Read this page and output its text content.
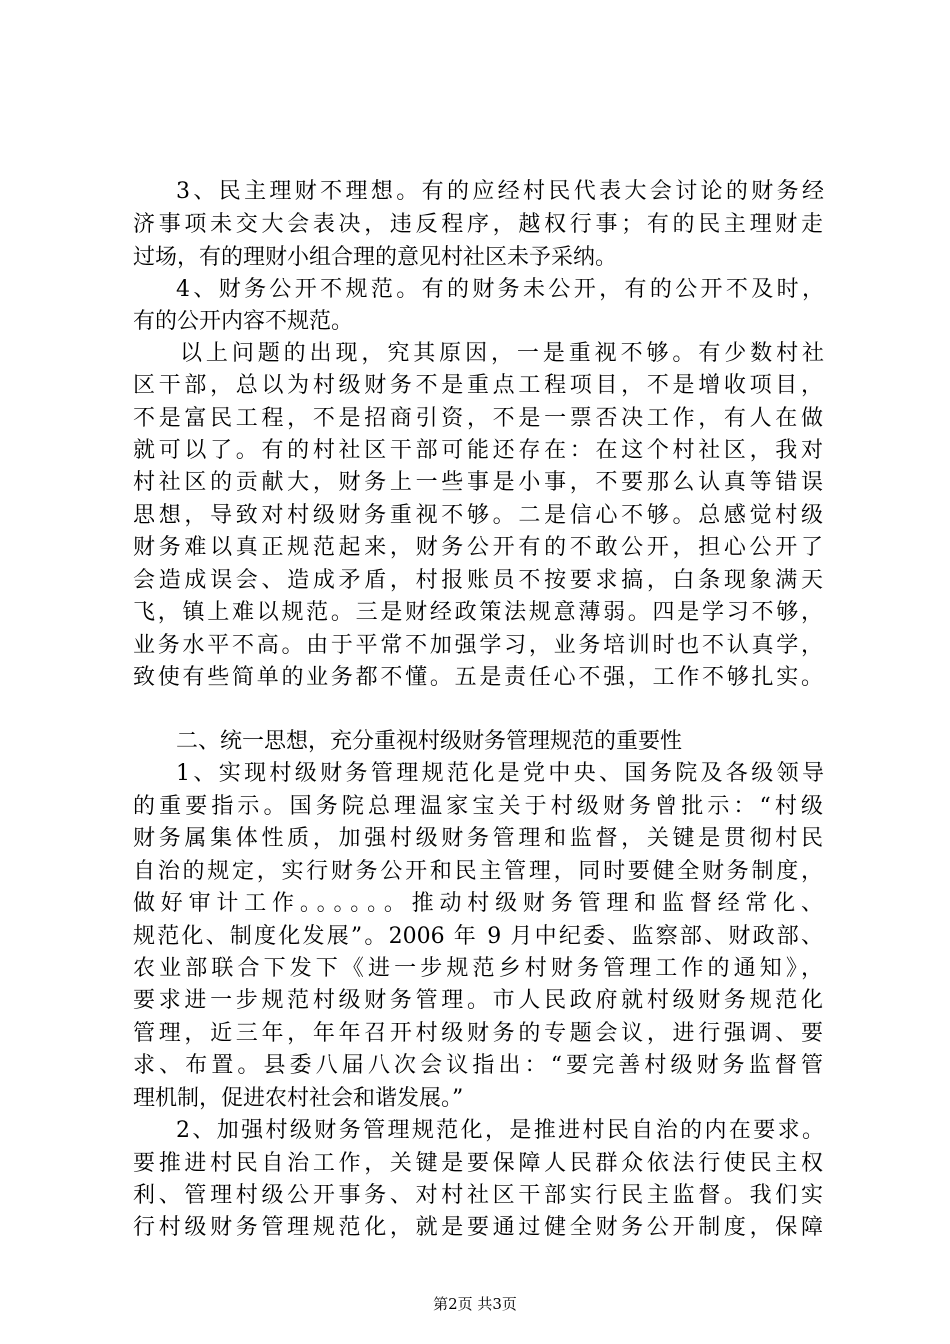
3、民主理财不理想。有的应经村民代表大会讨论的财务经
济事项未交大会表决，违反程序，越权行事；有的民主理财走
过场，有的理财小组合理的意见村社区未予采纳。
4、财务公开不规范。有的财务未公开，有的公开不及时，
有的公开内容不规范。
以上问题的出现，究其原因，一是重视不够。有少数村社
区干部，总以为村级财务不是重点工程项目，不是增收项目，
不是富民工程，不是招商引资，不是一票否决工作，有人在做
就可以了。有的村社区干部可能还存在：在这个村社区，我对
村社区的贡献大，财务上一些事是小事，不要那么认真等错误
思想，导致对村级财务重视不够。二是信心不够。总感觉村级
财务难以真正规范起来，财务公开有的不敢公开，担心公开了
会造成误会、造成矛盾，村报账员不按要求搞，白条现象满天
飞，镇上难以规范。三是财经政策法规意薄弱。四是学习不够，
业务水平不高。由于平常不加强学习，业务培训时也不认真学，
致使有些简单的业务都不懂。五是责任心不强，工作不够扎实。
二、统一思想，充分重视村级财务管理规范的重要性
1、实现村级财务管理规范化是党中央、国务院及各级领导
的重要指示。国务院总理温家宝关于村级财务曾批示：“村级
财务属集体性质，加强村级财务管理和监督，关键是贯彻村民
自治的规定，实行财务公开和民主管理，同时要健全财务制度，
做好审计工作。。。。。。推动村级财务管理和监督经常化、
规范化、制度化发展”。2006 年 9 月中纪委、监察部、财政部、
农业部联合下发下《进一步规范乡村财务管理工作的通知》，
要求进一步规范村级财务管理。市人民政府就村级财务规范化
管理，近三年，年年召开村级财务的专题会议，进行强调、要
求、布置。县委八届八次会议指出：“要完善村级财务监督管
理机制，促进农村社会和谐发展。”
2、加强村级财务管理规范化，是推进村民自治的内在要求。
要推进村民自治工作，关键是要保障人民群众依法行使民主权
利、管理村级公开事务、对村社区干部实行民主监督。我们实
行村级财务管理规范化，就是要通过健全财务公开制度，保障
第2页 共3页
